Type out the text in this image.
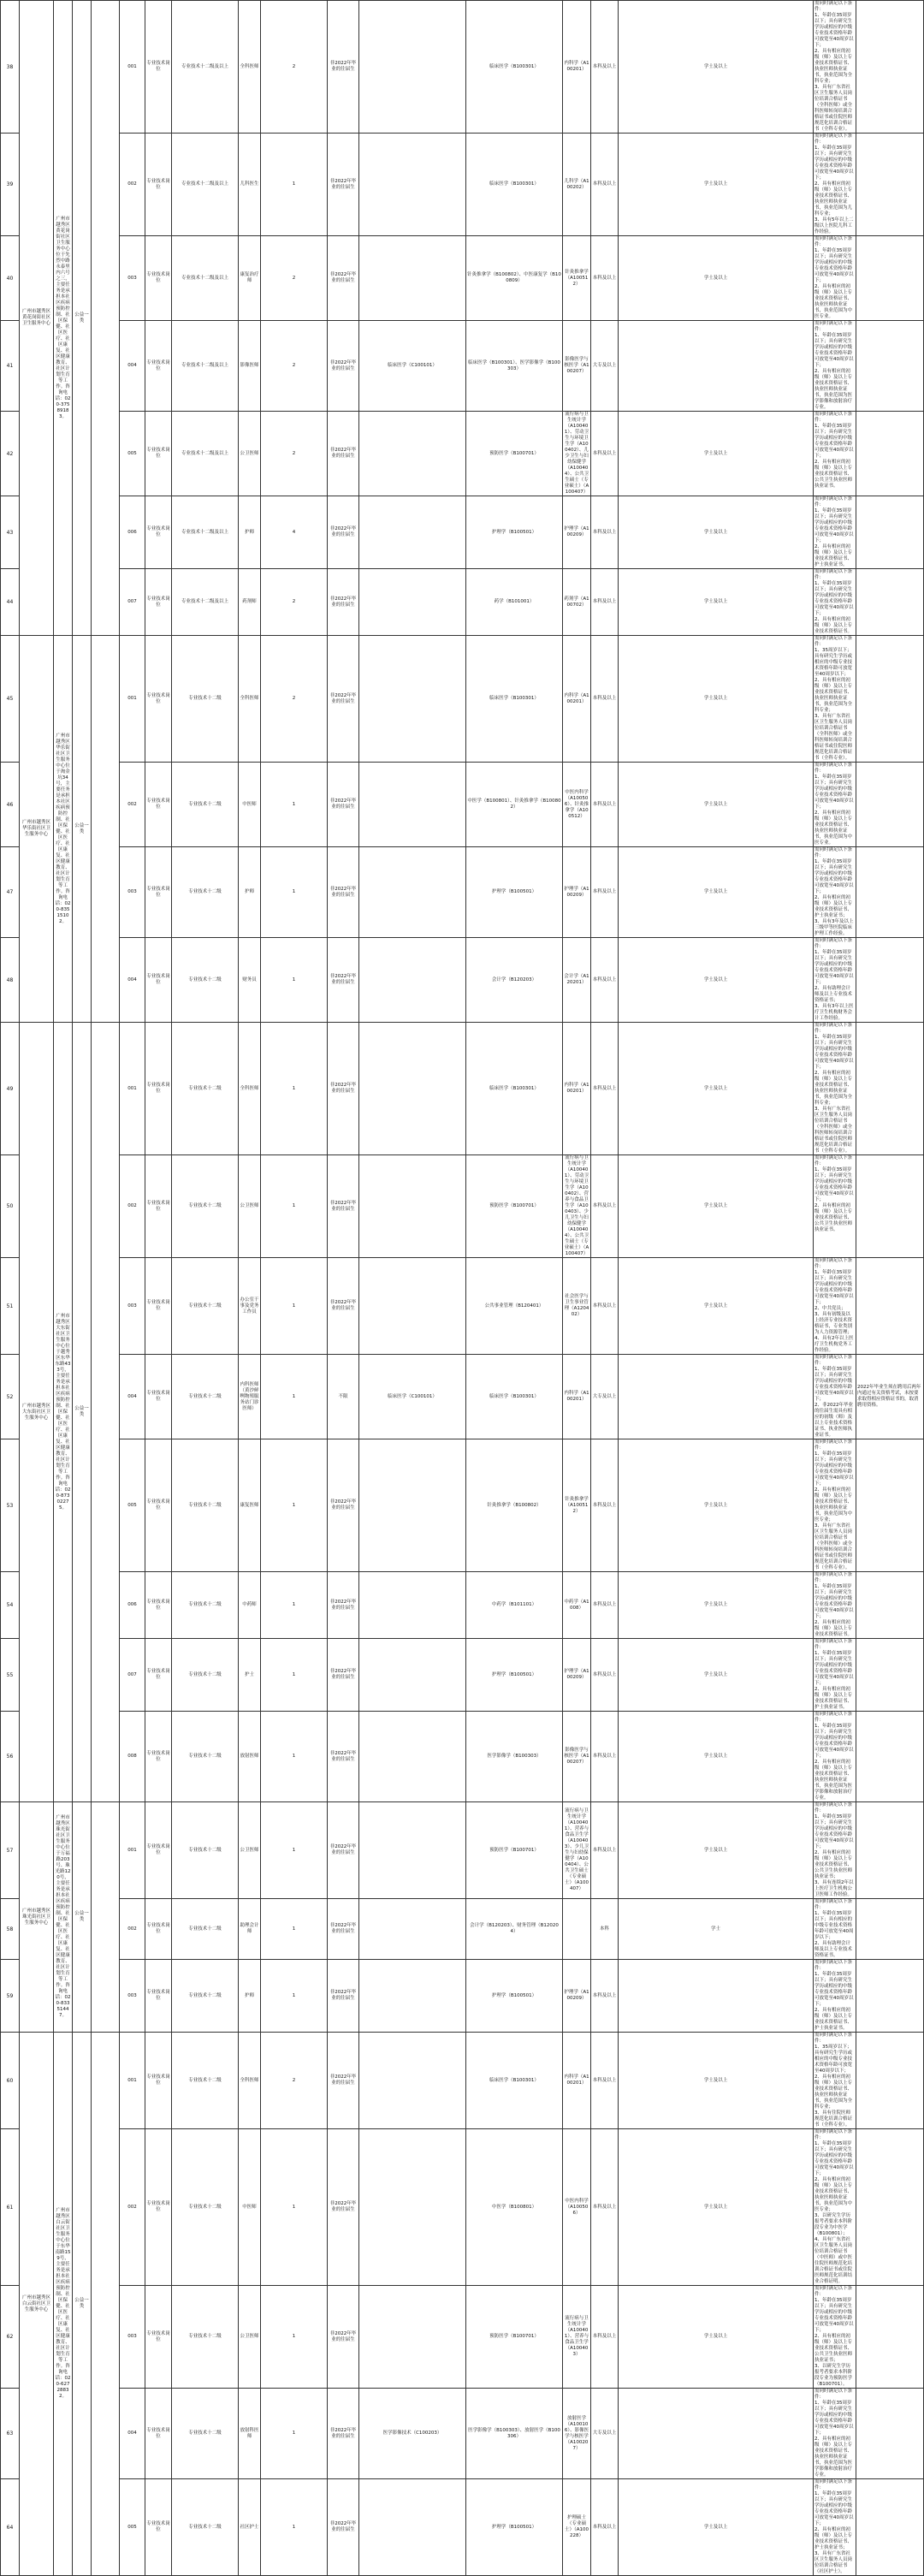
38	广州市越秀区黄花岗街社区卫生服务中心	广州市越秀区黄花岗街社区卫生服务中心位于先烈中路永泰里内六号之三，主要任务是承担本社区疾病预防控制、社区保健、社区医疗、社区康复、社区健康教育、社区计划生育等工作。咨询电话：020-37589183。	公益一类		001	专业技术岗位	专业技术十二级及以上	全科医师	2	非2022年毕业的往届生		临床医学（B100301）	内科学（A100201）	本科及以上	学士及以上	需同时满足以下条件：
1、年龄在35周岁以下；具有研究生学历或相应的中级专业技术资格年龄可放宽至40周岁以下；
2、具有相应的初级（师）及以上专业技术资格证书、执业医师执业证书，执业范围为全科专业；
3、具有广东省社区卫生服务人员岗位培训合格证书（全科医师）或全科医师转岗培训合格证书或住院医师规范化培训合格证书（全科专业）。	
39					002	专业技术岗位	专业技术十二级及以上	儿科医生	1	非2022年毕业的往届生		临床医学（B100301）	儿科学（A100202）	本科及以上	学士及以上	需同时满足以下条件：
1、年龄在35周岁以下；具有研究生学历或相应的中级专业技术资格年龄可放宽至40周岁以下；
2、具有相应的初级（师）及以上专业技术资格证书、执业医师执业证书，执业范围为儿科专业；
3、具有5年以上二级以上医院儿科工作经验。	
40					003	专业技术岗位	专业技术十二级及以上	康复治疗师	2	非2022年毕业的往届生		针灸推拿学（B100802）、中医康复学（B100809）	针灸推拿学（A100512）	本科及以上	学士及以上	需同时满足以下条件：
1、年龄在35周岁以下；具有研究生学历或相应的中级专业技术资格年龄可放宽至40周岁以下；
2、具有相应的初级（师）及以上专业技术资格证书、执业医师执业证书，执业范围为中医专业。	
41					004	专业技术岗位	专业技术十二级及以上	影像医师	2	非2022年毕业的往届生	临床医学（C100101）	临床医学（B100301）、医学影像学（B100303）	影像医学与核医学（A100207）	大专及以上		需同时满足以下条件：
1、年龄在35周岁以下；具有研究生学历或相应的中级专业技术资格年龄可放宽至40周岁以下；
2、具有相应的初级（师）及以上专业技术资格证书、执业医师执业证书，执业范围为医学影像和放射治疗专业。	
42					005	专业技术岗位	专业技术十二级及以上	公卫医师	2	非2022年毕业的往届生		预防医学（B100701）	流行病与卫生统计学（A100401）、劳动卫生与环境卫生学（A100402）、儿少卫生与妇幼保健学（A100404）、公共卫生硕士（专业硕士）（A100407）	本科及以上	学士及以上	需同时满足以下条件：
1、年龄在35周岁以下；具有研究生学历或相应的中级专业技术资格年龄可放宽至40周岁以下；
2、具有相应的初级（师）及以上专业技术资格证书、公共卫生执业医师执业证书。	
43					006	专业技术岗位	专业技术十二级及以上	护师	4	非2022年毕业的往届生		护理学（B100501）	护理学（A100209）	本科及以上	学士及以上	需同时满足以下条件：
1、年龄在35周岁以下；具有研究生学历或相应的中级专业技术资格年龄可放宽至40周岁以下；
2、具有相应的初级（师）及以上专业技术资格证书、护士执业证书。	
44					007	专业技术岗位	专业技术十二级及以上	药剂师	2	非2022年毕业的往届生		药学（B101001）	药剂学（A100702）	本科及以上	学士及以上	需同时满足以下条件：
1、年龄在35周岁以下；具有研究生学历或相应的中级专业技术资格年龄可放宽至40周岁以下；
2、具有相应的初级（师）及以上专业技术资格证书。	
45	广州市越秀区华乐街社区卫生服务中心	广州市越秀区华乐街社区卫生服务中心位于淘金坑34号，主要任务是承担本社区疾病预防控制、社区保健、社区医疗、社区康复、社区健康教育、社区计划生育等工作。咨询电话：020-83515102。	公益一类		001	专业技术岗位	专业技术十二级	全科医师	2	非2022年毕业的往届生		临床医学（B100301）	内科学（A100201）	本科及以上	学士及以上	需同时满足以下条件：
1、35周岁以下；具有研究生学历或相应的中级专业技术资格年龄可放宽至40周岁以下；
2、具有相应的初级（师）及以上专业技术资格证书、执业医师执业证书，执业范围为全科专业；
3、具有广东省社区卫生服务人员岗位培训合格证书（全科医师）或全科医师转岗培训合格证书或住院医师规范化培训合格证书（全科专业）。	
46					002	专业技术岗位	专业技术十二级	中医师	1	非2022年毕业的往届生		中医学（B100801）、针灸推拿学（B100802）	中医内科学（A100506）、针灸推拿学（A100512）	本科及以上	学士及以上	需同时满足以下条件：
1、年龄在35周岁以下；具有研究生学历或相应的中级专业技术资格年龄可放宽至40周岁以下；
2、具有相应的初级（师）及以上专业技术资格证书、执业医师执业证书，执业范围为中医专业。	
47					003	专业技术岗位	专业技术十二级	护师	1	非2022年毕业的往届生		护理学（B100501）	护理学（A100209）	本科及以上	学士及以上	需同时满足以下条件：
1、年龄在35周岁以下；具有研究生学历或相应的中级专业技术资格年龄可放宽至40周岁以下；
2、具有相应的初级（师）及以上专业技术资格证书、护士执业证书；
3、具有3年及以上三级甲等医院临床护理工作经验。	
48					004	专业技术岗位	专业技术十二级	财务员	1	非2022年毕业的往届生		会计学（B120203）	会计学（A120201）	本科及以上	学士及以上	需同时满足以下条件：
1、年龄在35周岁以下；具有研究生学历或相应的中级专业技术资格年龄可放宽至40周岁以下；
2、具有助理会计师及以上专业技术资格证书；
3、具有3年以上医疗卫生机构财务会计工作经验。	
49	广州市越秀区大东街社区卫生服务中心	广州市越秀区大东街社区卫生服务中心位于越秀区东华东路433号，主要任务是承担本社区疾病预防控制、社区保健、社区医疗、社区康复、社区健康教育、社区计划生育等工作。咨询电话：020-87302275。	公益一类		001	专业技术岗位	专业技术十二级	全科医师	1	非2022年毕业的往届生		临床医学（B100301）	内科学（A100201）	本科及以上	学士及以上	需同时满足以下条件：
1、年龄在35周岁以下；具有研究生学历或相应的中级专业技术资格年龄可放宽至40周岁以下；
2、具有相应的初级（师）及以上专业技术资格证书、执业医师执业证书，执业范围为全科专业；
3、具有广东省社区卫生服务人员岗位培训合格证书（全科医师）或全科医师转岗培训合格证书或住院医师规范化培训合格证书（全科专业）。	
50					002	专业技术岗位	专业技术十二级	公卫医师	1	非2022年毕业的往届生		预防医学（B100701）	流行病与卫生统计学（A100401）、劳动卫生与环境卫生学（A100402）、营养与食品卫生学（A100403）、少儿卫生与妇幼保健学（A100404）、公共卫生硕士（专业硕士）（A100407）	本科及以上	学士及以上	需同时满足以下条件：
1、年龄在35周岁以下；具有研究生学历或相应的中级专业技术资格年龄可放宽至40周岁以下；
2、具有相应的初级（师）及以上专业技术资格证书、公共卫生执业医师执业证书。	
51					003	专业技术岗位	专业技术十二级	办公室干事及党务工作员	1	非2022年毕业的往届生		公共事业管理（B120401）	社会医学与卫生事业管理（A120402）	本科及以上	学士及以上	需同时满足以下条件：
1、年龄在35周岁以下；具有研究生学历或相应的中级专业技术资格年龄可放宽至40周岁以下；
2、中共党员；
3、具有初级及以上经济专业技术资格证书，专业类别为人力资源管理；
4、具有2年以上医疗卫生机构党务工作经验。	
52					004	专业技术岗位	专业技术十二级	内科医师（黄沙鲜咧物殖服务站门诊医师）	1	不限	临床医学（C100101）	临床医学（B100301）	内科学（A100201）	大专及以上		需同时满足以下条件：
1、年龄在35周岁以下；具有研究生学历或相应的中级专业技术资格年龄可放宽至40周岁以下；
2、非2022年毕业的往届生需具有相应的初级（师）及以上专业技术资格证书、执业医师执业证书。	2022年毕业生须在聘用后两年内通过有关资格考试，未按要求取得相应资格证书的，取消聘用资格。
53					005	专业技术岗位	专业技术十二级	康复医师	1	非2022年毕业的往届生		针灸推拿学（B100802）	针灸推拿学（A100512）	本科及以上	学士及以上	需同时满足以下条件：
1、年龄在35周岁以下；具有研究生学历或相应的中级专业技术资格年龄可放宽至40周岁以下；
2、具有相应的初级（师）及以上专业技术资格证书、执业医师执业证书，执业范围为中医专业；
3、具有广东省社区卫生服务人员岗位培训合格证书（全科医师）或全科医师转岗培训合格证书或住院医师规范化培训合格证书（全科专业）。	
54					006	专业技术岗位	专业技术十二级	中药师	1	非2022年毕业的往届生		中药学（B101101）	中药学（A1008）	本科及以上	学士及以上	需同时满足以下条件：
1、年龄在35周岁以下；具有研究生学历或相应的中级专业技术资格年龄可放宽至40周岁以下；
2、具有相应的初级（师）及以上专业技术资格证书。	
55					007	专业技术岗位	专业技术十二级	护士	1	非2022年毕业的往届生		护理学（B100501）	护理学（A100209）	本科及以上	学士及以上	需同时满足以下条件：
1、年龄在35周岁以下；具有研究生学历或相应的中级专业技术资格年龄可放宽至40周岁以下；
2、具有相应的初级（师）及以上专业技术资格证书、护士执业证书。	
56					008	专业技术岗位	专业技术十二级	放射医师	1	非2022年毕业的往届生		医学影像学（B100303）	影像医学与核医学（A100207）	本科及以上	学士及以上	需同时满足以下条件：
1、年龄在35周岁以下；具有研究生学历或相应的中级专业技术资格年龄可放宽至40周岁以下；
2、具有相应的初级（师）及以上专业技术资格证书、执业医师执业证书，执业范围为医学影像和放射治疗专业。	
57	广州市越秀区珠光街社区卫生服务中心	广州市越秀区珠光街社区卫生服务中心位于万福路203号、珠光路120号，主要任务是承担本社区疾病预防控制、社区保健、社区医疗、社区康复、社区健康教育、社区计划生育等工作。咨询电话：020-83351447。	公益一类		001	专业技术岗位	专业技术十二级	公卫医师	1	非2022年毕业的往届生		预防医学（B100701）	流行病与卫生统计学（A100401）、营养与食品卫生学（A100403）、少儿卫生与妇幼保健学（A100404）、公共卫生硕士（专业硕士）（A100407）	本科及以上	学士及以上	需同时满足以下条件：
1、年龄在35周岁以下；具有研究生学历或相应的中级专业技术资格年龄可放宽至40周岁以下；
2、具有相应的初级（师）及以上专业技术资格证书、公共卫生执业医师执业证书；
3、具有连续2年以上医疗卫生机构公卫医师工作经验。	
58					002	专业技术岗位	专业技术十二级	助理会计师	1	非2022年毕业的往届生		会计学（B120203）、财务管理（B120204）		本科	学士	需同时满足以下条件：
1、年龄在35周岁以下；具有相应的中级专业技术资格年龄可放宽至40周岁以下；
2、具有助理会计师及以上专业技术资格证书。	
59					003	专业技术岗位	专业技术十二级	护师	1	非2022年毕业的往届生		护理学（B100501）	护理学（A100209）	本科及以上		需同时满足以下条件：
1、年龄在35周岁以下；具有研究生学历或相应的中级专业技术资格年龄可放宽至40周岁以下；
2、具有相应的初级（师）及以上专业技术资格证书、护士执业证书。	
60	广州市越秀区白云街社区卫生服务中心	广州市越秀区白云街社区卫生服务中心位于东华南路159号，主要任务是承担本社区疾病预防控制、社区保健、社区医疗、社区康复、社区健康教育、社区计划生育等工作。咨询电话：020-62728832。	公益一类		001	专业技术岗位	专业技术十二级	全科医师	2	非2022年毕业的往届生		临床医学（B100301）	内科学（A100201）	本科及以上	学士及以上	需同时满足以下条件：
1、35周岁以下；具有研究生学历或相应的中级专业技术资格年龄可放宽至40周岁以下；
2、具有相应的初级（师）及以上专业技术资格证书、执业医师执业证书，执业范围为全科专业；
3、具有住院医师规范化培训合格证书（全科专业）。	
61					002	专业技术岗位	专业技术十二级	中医师	1	非2022年毕业的往届生		中医学（B100801）	中医内科学（A100506）	本科及以上	学士及以上	需同时满足以下条件：
1、年龄在35周岁以下；具有研究生学历或相应的中级专业技术资格年龄可放宽至40周岁以下；
2、具有相应的初级（师）及以上专业技术资格证书、执业医师执业证书，执业范围为中医专业；
3、以研究生学历报考者要求本科阶段专业为中医学（B100801）；
4、具有广东省社区卫生服务人员岗位培训合格证书（中医师）或中医住院医师规范化培训合格证书或住院医师规范化培训结业合格证明。	
62					003	专业技术岗位	专业技术十二级	公卫医师	1	非2022年毕业的往届生		预防医学（B100701）	流行病与卫生统计学（A100401）、营养与食品卫生学（A100403）	本科及以上	学士及以上	需同时满足以下条件：
1、年龄在35周岁以下；具有研究生学历或相应的中级专业技术资格年龄可放宽至40周岁以下；
2、具有相应的初级（师）及以上专业技术资格证书、公共卫生执业医师执业证书；
3、以研究生学历报考者要求本科阶段专业为预防医学（B100701）。	
63					004	专业技术岗位	专业技术十二级	放射科医师	1	非2022年毕业的往届生	医学影像技术（C100203）	医学影像学（B100303）、放射医学（B100306）	放射医学（A100106）、影像医学与核医学（A100207）	大专及以上		需同时满足以下条件：
1、年龄在35周岁以下；具有研究生学历或相应的中级专业技术资格年龄可放宽至40周岁以下；
2、具有相应的初级（师）及以上专业技术资格证书、执业医师执业证书，执业范围为医学影像和放射治疗专业。	
64					005	专业技术岗位	专业技术十二级	社区护士	1	非2022年毕业的往届生		护理学（B100501）	护理硕士（专业硕士）（A100228）	本科及以上	学士及以上	需同时满足以下条件：
1、年龄在35周岁以下；具有研究生学历或相应的中级专业技术资格年龄可放宽至40周岁以下；
2、具有相应的初级（师）及以上专业技术资格证书、护士执业证书；
3、具有广东省社区卫生服务人员岗位培训合格证书（社区护士）。	
